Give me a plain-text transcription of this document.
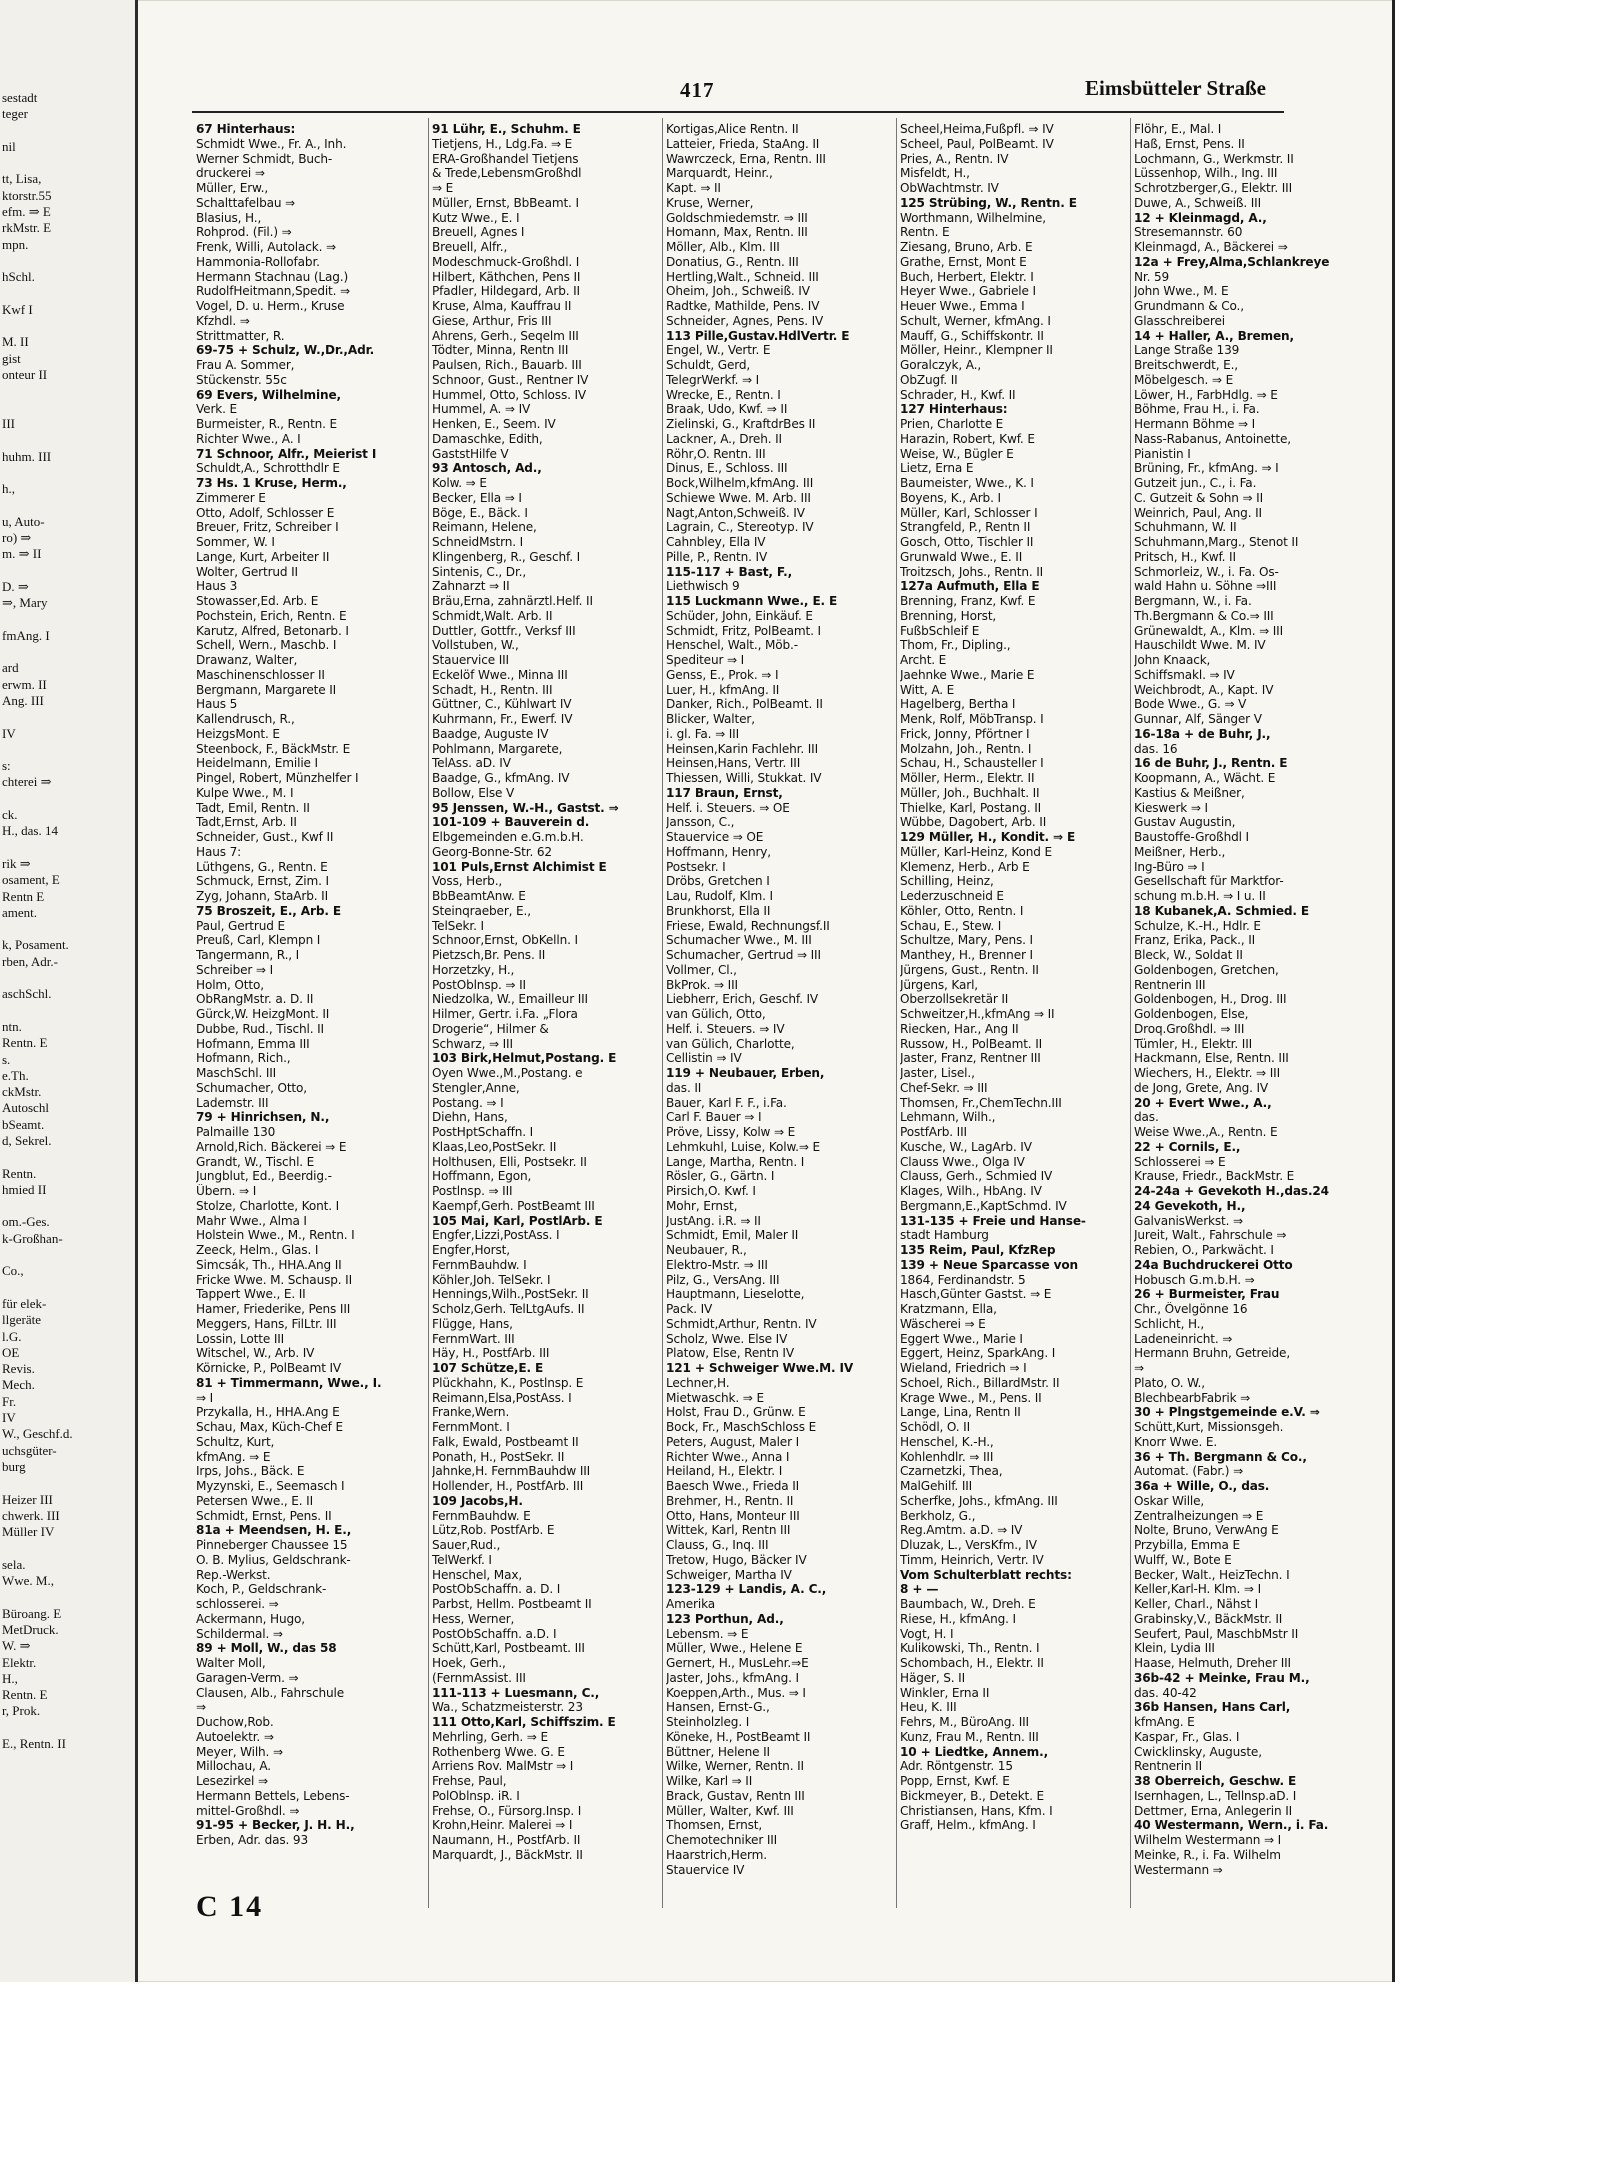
sestadt
teger
nil
tt, Lisa,
ktorstr.55
efm. ⇒ E
rkMstr. E
mpn.
hSchl.
Kwf I
M. II
gist
onteur II
III
huhm. III
h.,
u, Auto-
ro) ⇒
m. ⇒ II
D. ⇒
⇒, Mary
fmAng. I
ard
erwm. II
Ang. III
IV
s:
chterei ⇒
ck.
H., das. 14
rik ⇒
osament, E
Rentn E
ament.
k, Posament.
rben, Adr.-
aschSchl.
ntn.
Rentn. E
s.
e.Th.
ckMstr.
Autoschl
bSeamt.
d, Sekrel.
Rentn.
hmied II
om.-Ges.
k-Großhan-
Co.,
für elek-
llgeräte
l.G.
OE
Revis.
Mech.
Fr.
IV
W., Geschf.d.
uchsgüter-
burg
Heizer III
chwerk. III
Müller IV
sela.
Wwe. M.,
Büroang. E
MetDruck.
W. ⇒
Elektr.
H.,
Rentn. E
r, Prok.
E., Rentn. II
417	Eimsbütteler Straße
67 Hinterhaus:
Schmidt Wwe., Fr. A., Inh.
Werner Schmidt, Buch-
druckerei ⇒
Müller, Erw.,
Schalttafelbau ⇒
Blasius, H.,
Rohprod. (Fil.) ⇒
Frenk, Willi, Autolack. ⇒
Hammonia-Rollofabr.
Hermann Stachnau (Lag.)
RudolfHeitmann,Spedit. ⇒
Vogel, D. u. Herm., Kruse
Kfzhdl. ⇒
Strittmatter, R.
69-75 + Schulz, W.,Dr.,Adr.
Frau A. Sommer,
Stückenstr. 55c
69 Evers, Wilhelmine,
Verk. E
Burmeister, R., Rentn. E
Richter Wwe., A. I
71 Schnoor, Alfr., Meierist I
Schuldt,A., Schrotthdlr E
73 Hs. 1 Kruse, Herm.,
Zimmerer E
Otto, Adolf, Schlosser E
Breuer, Fritz, Schreiber I
Sommer, W. I
Lange, Kurt, Arbeiter II
Wolter, Gertrud II
Haus 3
Stowasser,Ed. Arb. E
Pochstein, Erich, Rentn. E
Karutz, Alfred, Betonarb. I
Schell, Wern., Maschb. I
Drawanz, Walter,
Maschinenschlosser II
Bergmann, Margarete II
Haus 5
Kallendrusch, R.,
HeizgsMont. E
Steenbock, F., BäckMstr. E
Heidelmann, Emilie I
Pingel, Robert, Münzhelfer I
Kulpe Wwe., M. I
Tadt, Emil, Rentn. II
Tadt,Ernst, Arb. II
Schneider, Gust., Kwf II
Haus 7:
Lüthgens, G., Rentn. E
Schmuck, Ernst, Zim. I
Zyg, Johann, StaArb. II
75 Broszeit, E., Arb. E
Paul, Gertrud E
Preuß, Carl, Klempn I
Tangermann, R., I
Schreiber ⇒ I
Holm, Otto,
ObRangMstr. a. D. II
Gürck,W. HeizgMont. II
Dubbe, Rud., Tischl. II
Hofmann, Emma III
Hofmann, Rich.,
MaschSchl. III
Schumacher, Otto,
Lademstr. III
79 + Hinrichsen, N.,
Palmaille 130
Arnold,Rich. Bäckerei ⇒ E
Grandt, W., Tischl. E
Jungblut, Ed., Beerdig.-
Übern. ⇒ I
Stolze, Charlotte, Kont. I
Mahr Wwe., Alma I
Holstein Wwe., M., Rentn. I
Zeeck, Helm., Glas. I
Simcsák, Th., HHA.Ang II
Fricke Wwe. M. Schausp. II
Tappert Wwe., E. II
Hamer, Friederike, Pens III
Meggers, Hans, FilLtr. III
Lossin, Lotte III
Witschel, W., Arb. IV
Körnicke, P., PolBeamt IV
81 + Timmermann, Wwe., I.
⇒ I
Przykalla, H., HHA.Ang E
Schau, Max, Küch-Chef E
Schultz, Kurt,
kfmAng. ⇒ E
Irps, Johs., Bäck. E
Myzynski, E., Seemasch I
Petersen Wwe., E. II
Schmidt, Ernst, Pens. II
81a + Meendsen, H. E.,
Pinneberger Chaussee 15
O. B. Mylius, Geldschrank-
Rep.-Werkst.
Koch, P., Geldschrank-
schlosserei. ⇒
Ackermann, Hugo,
Schildermal. ⇒
89 + Moll, W., das 58
Walter Moll,
Garagen-Verm. ⇒
Clausen, Alb., Fahrschule
⇒
Duchow,Rob.
Autoelektr. ⇒
Meyer, Wilh. ⇒
Millochau, A.
Lesezirkel ⇒
Hermann Bettels, Lebens-
mittel-Großhdl. ⇒
91-95 + Becker, J. H. H.,
Erben, Adr. das. 93
91 Lühr, E., Schuhm. E
Tietjens, H., Ldg.Fa. ⇒ E
ERA-Großhandel Tietjens
& Trede,LebensmGroßhdl
⇒ E
Müller, Ernst, BbBeamt. I
Kutz Wwe., E. I
Breuell, Agnes I
Breuell, Alfr.,
Modeschmuck-Großhdl. I
Hilbert, Käthchen, Pens II
Pfadler, Hildegard, Arb. II
Kruse, Alma, Kauffrau II
Giese, Arthur, Fris III
Ahrens, Gerh., Seqelm III
Tödter, Minna, Rentn III
Paulsen, Rich., Bauarb. III
Schnoor, Gust., Rentner IV
Hummel, Otto, Schloss. IV
Hummel, A. ⇒ IV
Henken, E., Seem. IV
Damaschke, Edith,
GaststHilfe V
93 Antosch, Ad.,
Kolw. ⇒ E
Becker, Ella ⇒ I
Böge, E., Bäck. I
Reimann, Helene,
SchneidMstrn. I
Klingenberg, R., Geschf. I
Sintenis, C., Dr.,
Zahnarzt ⇒ II
Bräu,Erna, zahnärztl.Helf. II
Schmidt,Walt. Arb. II
Duttler, Gottfr., Verksf III
Vollstuben, W.,
Stauervice III
Eckelöf Wwe., Minna III
Schadt, H., Rentn. III
Güttner, C., Kühlwart IV
Kuhrmann, Fr., Ewerf. IV
Baadge, Auguste IV
Pohlmann, Margarete,
TelAss. aD. IV
Baadge, G., kfmAng. IV
Bollow, Else V
95 Jenssen, W.-H., Gastst. ⇒
101-109 + Bauverein d.
Elbgemeinden e.G.m.b.H.
Georg-Bonne-Str. 62
101 Puls,Ernst Alchimist E
Voss, Herb.,
BbBeamtAnw. E
Steinqraeber, E.,
TelSekr. I
Schnoor,Ernst, ObKelln. I
Pietzsch,Br. Pens. II
Horzetzky, H.,
PostOblnsp. ⇒ II
Niedzolka, W., Emailleur III
Hilmer, Gertr. i.Fa. „Flora
Drogerie“, Hilmer &
Schwarz, ⇒ III
103 Birk,Helmut,Postang. E
Oyen Wwe.,M.,Postang. e
Stengler,Anne,
Postang. ⇒ I
Diehn, Hans,
PostHptSchaffn. I
Klaas,Leo,PostSekr. II
Holthusen, Elli, Postsekr. II
Hoffmann, Egon,
Postlnsp. ⇒ III
Kaempf,Gerh. PostBeamt III
105 Mai, Karl, PostlArb. E
Engfer,Lizzi,PostAss. I
Engfer,Horst,
FernmBauhdw. I
Köhler,Joh. TelSekr. I
Hennings,Wilh.,PostSekr. II
Scholz,Gerh. TelLtgAufs. II
Flügge, Hans,
FernmWart. III
Häy, H., PostfArb. III
107 Schütze,E. E
Plückhahn, K., Postlnsp. E
Reimann,Elsa,PostAss. I
Franke,Wern.
FernmMont. I
Falk, Ewald, Postbeamt II
Ponath, H., PostSekr. II
Jahnke,H. FernmBauhdw III
Hollender, H., PostfArb. III
109 Jacobs,H.
FernmBauhdw. E
Lütz,Rob. PostfArb. E
Sauer,Rud.,
TelWerkf. I
Henschel, Max,
PostObSchaffn. a. D. I
Parbst, Hellm. Postbeamt II
Hess, Werner,
PostObSchaffn. a.D. I
Schütt,Karl, Postbeamt. III
Hoek, Gerh.,
(FernmAssist. III
111-113 + Luesmann, C.,
Wa., Schatzmeisterstr. 23
111 Otto,Karl, Schiffszim. E
Mehrling, Gerh. ⇒ E
Rothenberg Wwe. G. E
Arriens Rov. MalMstr ⇒ I
Frehse, Paul,
PolOblnsp. iR. I
Frehse, O., Fürsorg.Insp. I
Krohn,Heinr. Malerei ⇒ I
Naumann, H., PostfArb. II
Marquardt, J., BäckMstr. II
Kortigas,Alice Rentn. II
Latteier, Frieda, StaAng. II
Wawrczeck, Erna, Rentn. III
Marquardt, Heinr.,
Kapt. ⇒ II
Kruse, Werner,
Goldschmiedemstr. ⇒ III
Homann, Max, Rentn. III
Möller, Alb., Klm. III
Donatius, G., Rentn. III
Hertling,Walt., Schneid. III
Oheim, Joh., Schweiß. IV
Radtke, Mathilde, Pens. IV
Schneider, Agnes, Pens. IV
113 Pille,Gustav.HdlVertr. E
Engel, W., Vertr. E
Schuldt, Gerd,
TelegrWerkf. ⇒ I
Wrecke, E., Rentn. I
Braak, Udo, Kwf. ⇒ II
Zielinski, G., KraftdrBes II
Lackner, A., Dreh. II
Röhr,O. Rentn. III
Dinus, E., Schloss. III
Bock,Wilhelm,kfmAng. III
Schiewe Wwe. M. Arb. III
Nagt,Anton,Schweiß. IV
Lagrain, C., Stereotyp. IV
Cahnbley, Ella IV
Pille, P., Rentn. IV
115-117 + Bast, F.,
Liethwisch 9
115 Luckmann Wwe., E. E
Schüder, John, Einkäuf. E
Schmidt, Fritz, PolBeamt. I
Henschel, Walt., Möb.-
Spediteur ⇒ I
Genss, E., Prok. ⇒ I
Luer, H., kfmAng. II
Danker, Rich., PolBeamt. II
Blicker, Walter,
i. gl. Fa. ⇒ III
Heinsen,Karin Fachlehr. III
Heinsen,Hans, Vertr. III
Thiessen, Willi, Stukkat. IV
117 Braun, Ernst,
Helf. i. Steuers. ⇒ OE
Jansson, C.,
Stauervice ⇒ OE
Hoffmann, Henry,
Postsekr. I
Dröbs, Gretchen I
Lau, Rudolf, Klm. I
Brunkhorst, Ella II
Friese, Ewald, Rechnungsf.II
Schumacher Wwe., M. III
Schumacher, Gertrud ⇒ III
Vollmer, Cl.,
BkProk. ⇒ III
Liebherr, Erich, Geschf. IV
van Gülich, Otto,
Helf. i. Steuers. ⇒ IV
van Gülich, Charlotte,
Cellistin ⇒ IV
119 + Neubauer, Erben,
das. II
Bauer, Karl F. F., i.Fa.
Carl F. Bauer ⇒ I
Pröve, Lissy, Kolw ⇒ E
Lehmkuhl, Luise, Kolw.⇒ E
Lange, Martha, Rentn. I
Rösler, G., Gärtn. I
Pirsich,O. Kwf. I
Mohr, Ernst,
JustAng. i.R. ⇒ II
Schmidt, Emil, Maler II
Neubauer, R.,
Elektro-Mstr. ⇒ III
Pilz, G., VersAng. III
Hauptmann, Lieselotte,
Pack. IV
Schmidt,Arthur, Rentn. IV
Scholz, Wwe. Else IV
Platow, Else, Rentn IV
121 + Schweiger Wwe.M. IV
Lechner,H.
Mietwaschk. ⇒ E
Holst, Frau D., Grünw. E
Bock, Fr., MaschSchloss E
Peters, August, Maler I
Richter Wwe., Anna I
Heiland, H., Elektr. I
Baesch Wwe., Frieda II
Brehmer, H., Rentn. II
Otto, Hans, Monteur III
Wittek, Karl, Rentn III
Clauss, G., Inq. III
Tretow, Hugo, Bäcker IV
Schweiger, Martha IV
123-129 + Landis, A. C.,
Amerika
123 Porthun, Ad.,
Lebensm. ⇒ E
Müller, Wwe., Helene E
Gernert, H., MusLehr.⇒E
Jaster, Johs., kfmAng. I
Koeppen,Arth., Mus. ⇒ I
Hansen, Ernst-G.,
Steinholzleg. I
Köneke, H., PostBeamt II
Büttner, Helene II
Wilke, Werner, Rentn. II
Wilke, Karl ⇒ II
Brack, Gustav, Rentn III
Müller, Walter, Kwf. III
Thomsen, Ernst,
Chemotechniker III
Haarstrich,Herm.
Stauervice IV
Scheel,Heima,Fußpfl. ⇒ IV
Scheel, Paul, PolBeamt. IV
Pries, A., Rentn. IV
Misfeldt, H.,
ObWachtmstr. IV
125 Strübing, W., Rentn. E
Worthmann, Wilhelmine,
Rentn. E
Ziesang, Bruno, Arb. E
Grathe, Ernst, Mont E
Buch, Herbert, Elektr. I
Heyer Wwe., Gabriele I
Heuer Wwe., Emma I
Schult, Werner, kfmAng. I
Mauff, G., Schiffskontr. II
Möller, Heinr., Klempner II
Goralczyk, A.,
ObZugf. II
Schrader, H., Kwf. II
127 Hinterhaus:
Prien, Charlotte E
Harazin, Robert, Kwf. E
Weise, W., Bügler E
Lietz, Erna E
Baumeister, Wwe., K. I
Boyens, K., Arb. I
Müller, Karl, Schlosser I
Strangfeld, P., Rentn II
Gosch, Otto, Tischler II
Grunwald Wwe., E. II
Troitzsch, Johs., Rentn. II
127a Aufmuth, Ella E
Brenning, Franz, Kwf. E
Brenning, Horst,
FußbSchleif E
Thom, Fr., Dipling.,
Archt. E
Jaehnke Wwe., Marie E
Witt, A. E
Hagelberg, Bertha I
Menk, Rolf, MöbTransp. I
Frick, Jonny, Pförtner I
Molzahn, Joh., Rentn. I
Schau, H., Schausteller I
Möller, Herm., Elektr. II
Müller, Joh., Buchhalt. II
Thielke, Karl, Postang. II
Wübbe, Dagobert, Arb. II
129 Müller, H., Kondit. ⇒ E
Müller, Karl-Heinz, Kond E
Klemenz, Herb., Arb E
Schilling, Heinz,
Lederzuschneid E
Köhler, Otto, Rentn. I
Schau, E., Stew. I
Schultze, Mary, Pens. I
Manthey, H., Brenner I
Jürgens, Gust., Rentn. II
Jürgens, Karl,
Oberzollsekretär II
Schweitzer,H.,kfmAng ⇒ II
Riecken, Har., Ang II
Russow, H., PolBeamt. II
Jaster, Franz, Rentner III
Jaster, Lisel.,
Chef-Sekr. ⇒ III
Thomsen, Fr.,ChemTechn.III
Lehmann, Wilh.,
PostfArb. III
Kusche, W., LagArb. IV
Clauss Wwe., Olga IV
Clauss, Gerh., Schmied IV
Klages, Wilh., HbAng. IV
Bergmann,E.,KaptSchmd. IV
131-135 + Freie und Hanse-
stadt Hamburg
135 Reim, Paul, KfzRep
139 + Neue Sparcasse von
1864, Ferdinandstr. 5
Hasch,Günter Gastst. ⇒ E
Kratzmann, Ella,
Wäscherei ⇒ E
Eggert Wwe., Marie I
Eggert, Heinz, SparkAng. I
Wieland, Friedrich ⇒ I
Schoel, Rich., BillardMstr. II
Krage Wwe., M., Pens. II
Lange, Lina, Rentn II
Schödl, O. II
Henschel, K.-H.,
Kohlenhdlr. ⇒ III
Czarnetzki, Thea,
MalGehilf. III
Scherfke, Johs., kfmAng. III
Berkholz, G.,
Reg.Amtm. a.D. ⇒ IV
Dluzak, L., VersKfm., IV
Timm, Heinrich, Vertr. IV
Vom Schulterblatt rechts:
8 + —
Baumbach, W., Dreh. E
Riese, H., kfmAng. I
Vogt, H. I
Kulikowski, Th., Rentn. I
Schombach, H., Elektr. II
Häger, S. II
Winkler, Erna II
Heu, K. III
Fehrs, M., BüroAng. III
Kunz, Frau M., Rentn. III
10 + Liedtke, Annem.,
Adr. Röntgenstr. 15
Popp, Ernst, Kwf. E
Bickmeyer, B., Detekt. E
Christiansen, Hans, Kfm. I
Graff, Helm., kfmAng. I
Flöhr, E., Mal. I
Haß, Ernst, Pens. II
Lochmann, G., Werkmstr. II
Lüssenhop, Wilh., Ing. III
Schrotzberger,G., Elektr. III
Duwe, A., Schweiß. III
12 + Kleinmagd, A.,
Stresemannstr. 60
Kleinmagd, A., Bäckerei ⇒
12a + Frey,Alma,Schlankreye
Nr. 59
John Wwe., M. E
Grundmann & Co.,
Glasschreiberei
14 + Haller, A., Bremen,
Lange Straße 139
Breitschwerdt, E.,
Möbelgesch. ⇒ E
Löwer, H., FarbHdlg. ⇒ E
Böhme, Frau H., i. Fa.
Hermann Böhme ⇒ I
Nass-Rabanus, Antoinette,
Pianistin I
Brüning, Fr., kfmAng. ⇒ I
Gutzeit jun., C., i. Fa.
C. Gutzeit & Sohn ⇒ II
Weinrich, Paul, Ang. II
Schuhmann, W. II
Schuhmann,Marg., Stenot II
Pritsch, H., Kwf. II
Schmorleiz, W., i. Fa. Os-
wald Hahn u. Söhne ⇒III
Bergmann, W., i. Fa.
Th.Bergmann & Co.⇒ III
Grünewaldt, A., Klm. ⇒ III
Hauschildt Wwe. M. IV
John Knaack,
Schiffsmakl. ⇒ IV
Weichbrodt, A., Kapt. IV
Bode Wwe., G. ⇒ V
Gunnar, Alf, Sänger V
16-18a + de Buhr, J.,
das. 16
16 de Buhr, J., Rentn. E
Koopmann, A., Wächt. E
Kastius & Meißner,
Kieswerk ⇒ I
Gustav Augustin,
Baustoffe-Großhdl I
Meißner, Herb.,
Ing-Büro ⇒ I
Gesellschaft für Marktfor-
schung m.b.H. ⇒ I u. II
18 Kubanek,A. Schmied. E
Schulze, K.-H., Hdlr. E
Franz, Erika, Pack., II
Bleck, W., Soldat II
Goldenbogen, Gretchen,
Rentnerin III
Goldenbogen, H., Drog. III
Goldenbogen, Else,
Droq.Großhdl. ⇒ III
Tümler, H., Elektr. III
Hackmann, Else, Rentn. III
Wiechers, H., Elektr. ⇒ III
de Jong, Grete, Ang. IV
20 + Evert Wwe., A.,
das.
Weise Wwe.,A., Rentn. E
22 + Cornils, E.,
Schlosserei ⇒ E
Krause, Friedr., BackMstr. E
24-24a + Gevekoth H.,das.24
24 Gevekoth, H.,
GalvanisWerkst. ⇒
Jureit, Walt., Fahrschule ⇒
Rebien, O., Parkwächt. I
24a Buchdruckerei Otto
Hobusch G.m.b.H. ⇒
26 + Burmeister, Frau
Chr., Övelgönne 16
Schlicht, H.,
Ladeneinricht. ⇒
Hermann Bruhn, Getreide,
⇒
Plato, O. W.,
BlechbearbFabrik ⇒
30 + Plngstgemeinde e.V. ⇒
Schütt,Kurt, Missionsgeh.
Knorr Wwe. E.
36 + Th. Bergmann & Co.,
Automat. (Fabr.) ⇒
36a + Wille, O., das.
Oskar Wille,
Zentralheizungen ⇒ E
Nolte, Bruno, VerwAng E
Przybilla, Emma E
Wulff, W., Bote E
Becker, Walt., HeizTechn. I
Keller,Karl-H. Klm. ⇒ I
Keller, Charl., Nähst I
Grabinsky,V., BäckMstr. II
Seufert, Paul, MaschbMstr II
Klein, Lydia III
Haase, Helmuth, Dreher III
36b-42 + Meinke, Frau M.,
das. 40-42
36b Hansen, Hans Carl,
kfmAng. E
Kaspar, Fr., Glas. I
Cwicklinsky, Auguste,
Rentnerin II
38 Oberreich, Geschw. E
Isernhagen, L., Tellnsp.aD. I
Dettmer, Erna, Anlegerin II
40 Westermann, Wern., i. Fa.
Wilhelm Westermann ⇒ I
Meinke, R., i. Fa. Wilhelm
Westermann ⇒
C 14
